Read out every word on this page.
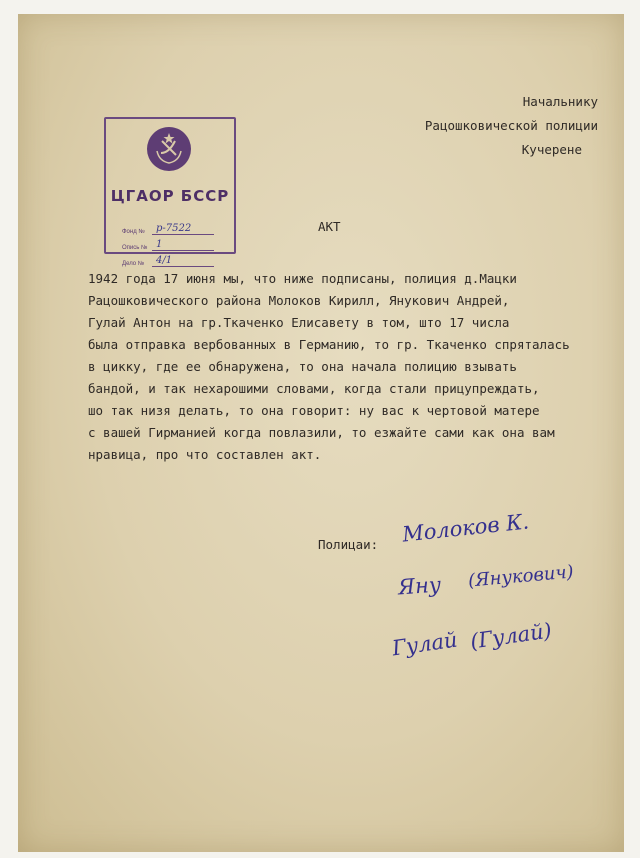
ЦГАОР БССР
Фонд №	р-7522
Опись № 1
Дело №	4/1
Начальнику
Рацошковической полиции
Кучерене
АКТ

1942 года 17 июня мы, что ниже подписаны, полиция д.Мацки

Рацошковического района Молоков Кирилл, Янукович Андрей,

Гулай Антон на гр.Ткаченко Елисавету в том, што 17 числа

была отправка вербованных в Германию, то гр. Ткаченко спряталась

в цикку, где ее обнаружена, то она начала полицию взывать

бандой, и так нехарошими словами, когда стали прицупреждать,

шо так низя делать, то она говорит: ну вас к чертовой матере

с вашей Гирманией когда повлазили, то езжайте сами как она вам

нравица, про что составлен акт.

Полицаи: Молоков К.
Яну (Янукович)
Гулай (Гулай)
